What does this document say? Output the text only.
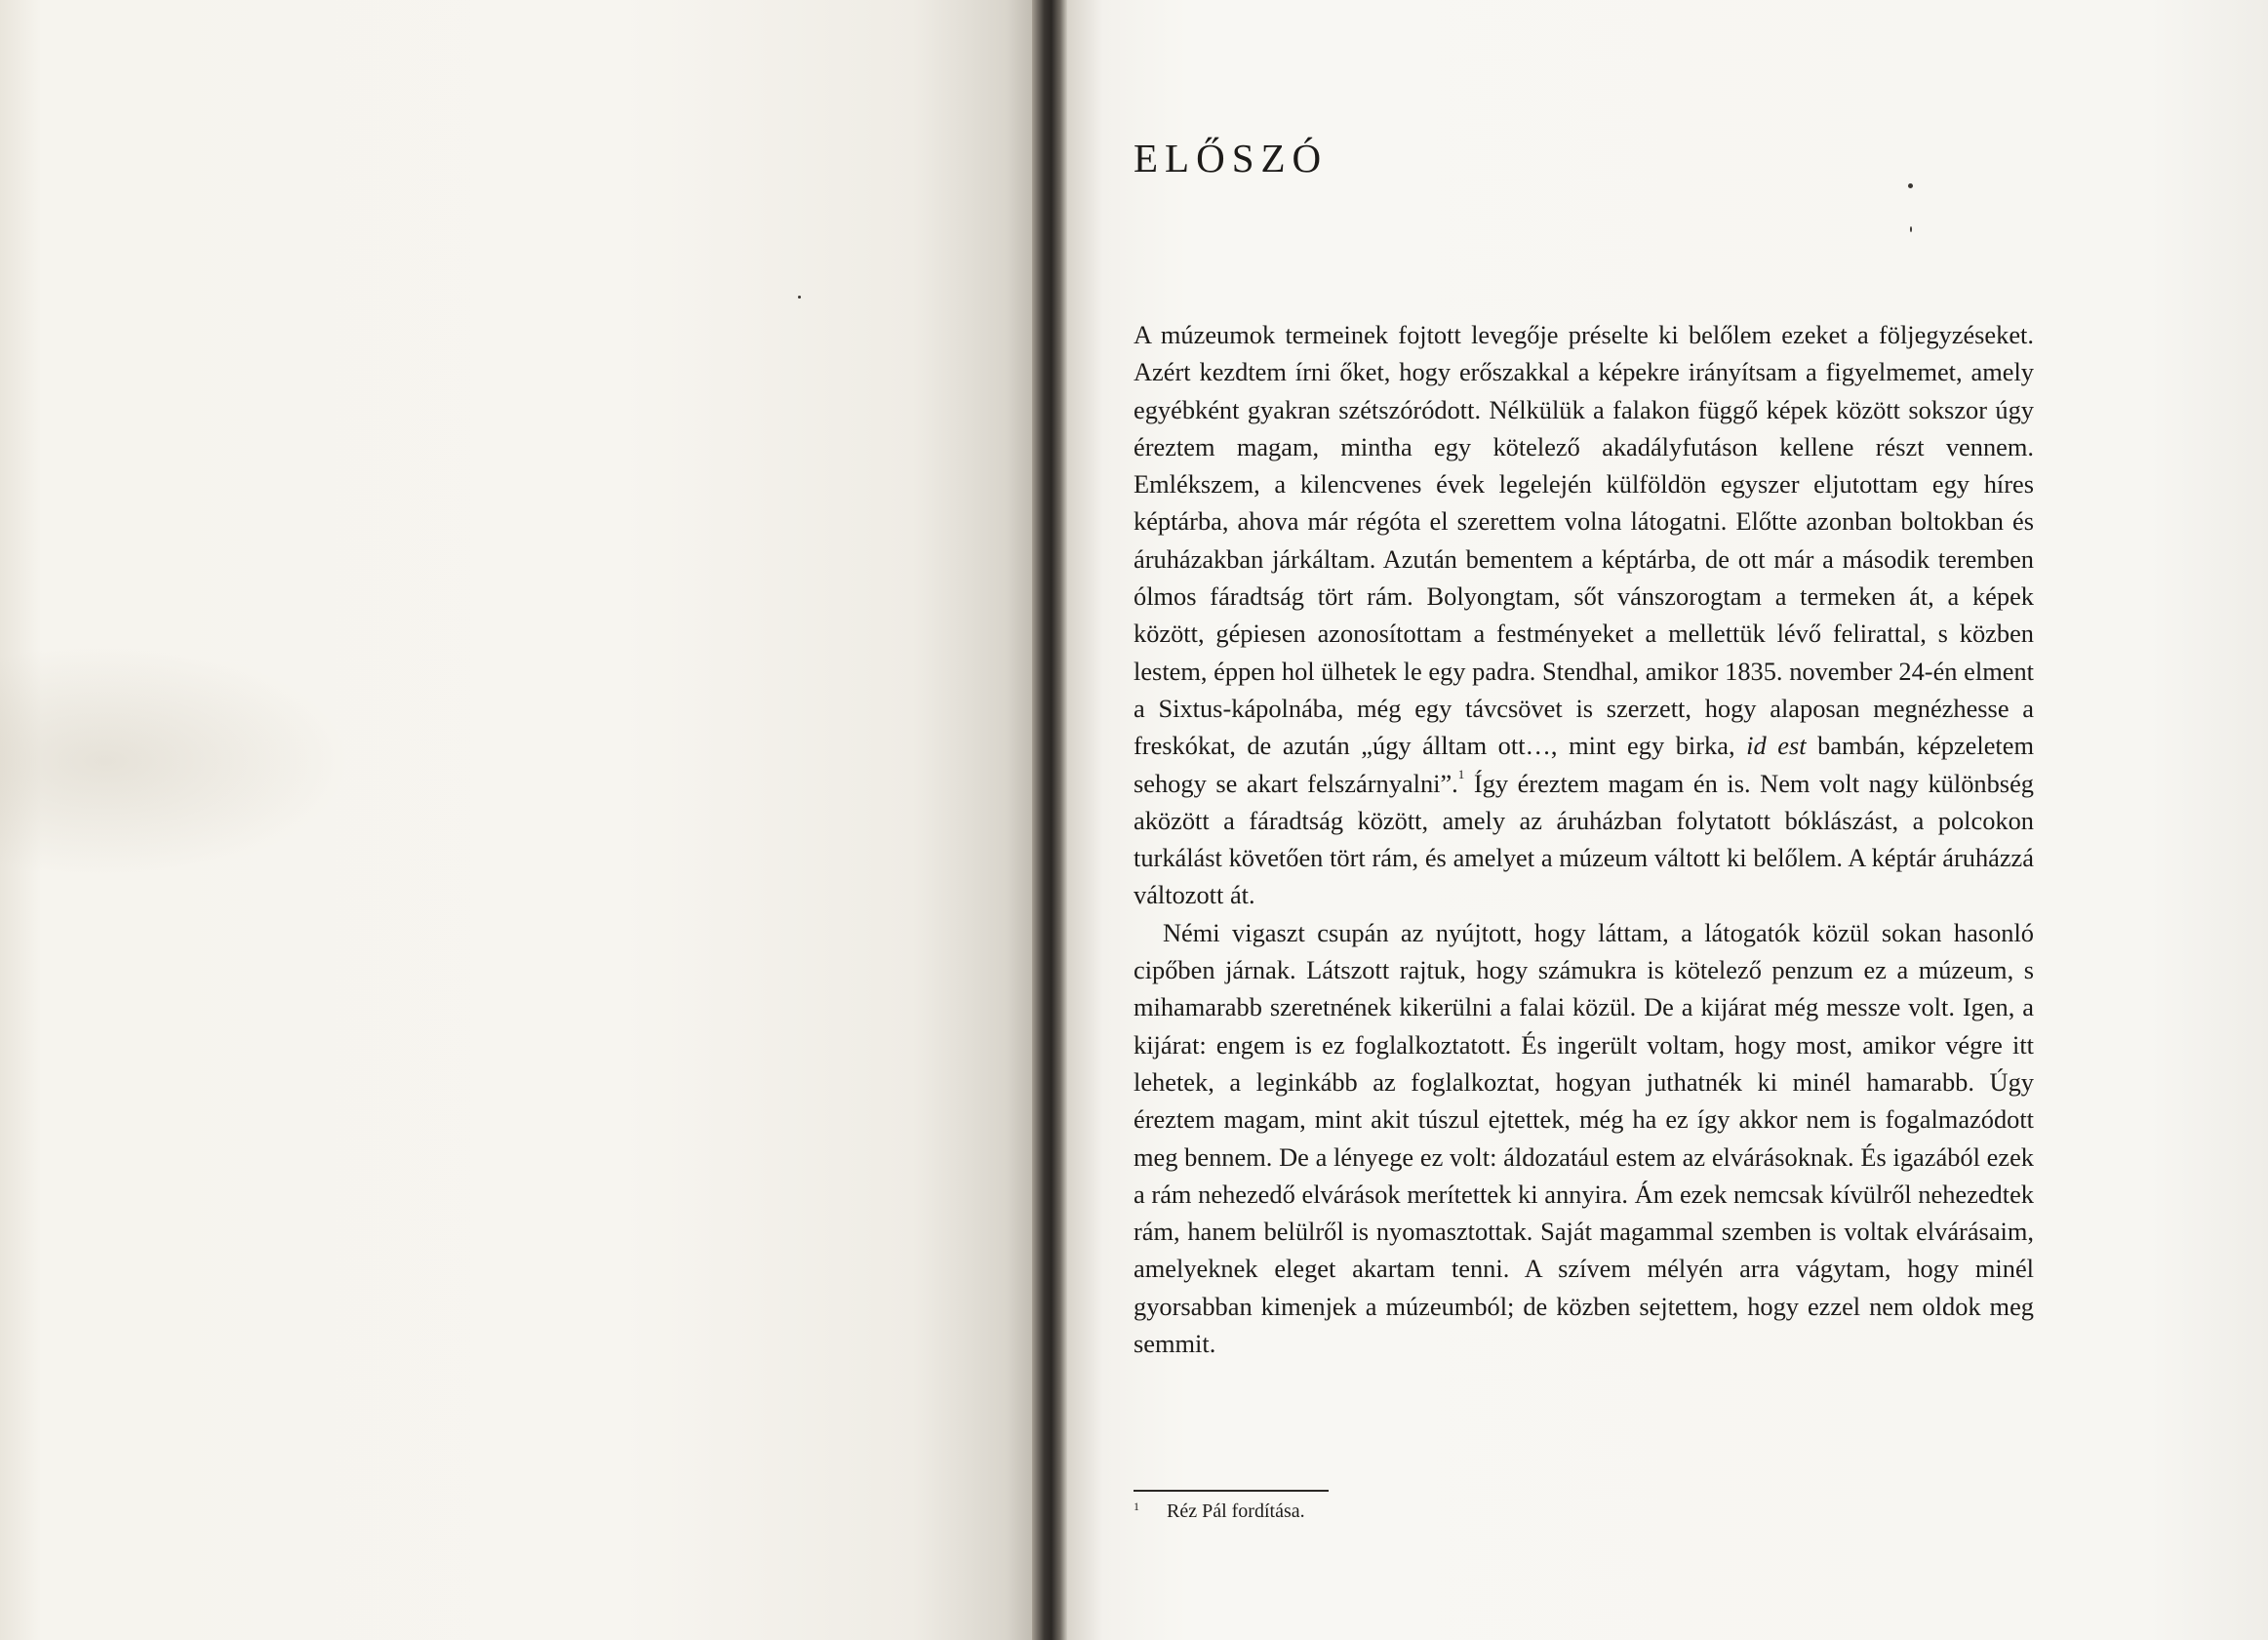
ELŐSZÓ

A múzeumok termeinek fojtott levegője préselte ki belőlem ezeket a följegyzéseket. Azért kezdtem írni őket, hogy erőszakkal a képekre irányítsam a figyelmemet, amely egyébként gyakran szétszóródott. Nélkülük a falakon függő képek között sokszor úgy éreztem magam, mintha egy kötelező akadályfutáson kellene részt vennem. Emlékszem, a kilencvenes évek legelején külföldön egyszer eljutottam egy híres képtárba, ahova már régóta el szerettem volna látogatni. Előtte azonban boltokban és áruházakban járkáltam. Azután bementem a képtárba, de ott már a második teremben ólmos fáradtság tört rám. Bolyongtam, sőt vánszorogtam a termeken át, a képek között, gépiesen azonosítottam a festményeket a mellettük lévő felirattal, s közben lestem, éppen hol ülhetek le egy padra. Stendhal, amikor 1835. november 24-én elment a Sixtus-kápolnába, még egy távcsövet is szerzett, hogy alaposan megnézhesse a freskókat, de azután „úgy álltam ott…, mint egy birka, id est bambán, képzeletem sehogy se akart felszárnyalni”.$^1$ Így éreztem magam én is. Nem volt nagy különbség aközött a fáradtság között, amely az áruházban folytatott bóklászást, a polcokon turkálást követően tört rám, és amelyet a múzeum váltott ki belőlem. A képtár áruházzá változott át.

Némi vigaszt csupán az nyújtott, hogy láttam, a látogatók közül sokan hasonló cipőben járnak. Látszott rajtuk, hogy számukra is kötelező penzum ez a múzeum, s mihamarabb szeretnének kikerülni a falai közül. De a kijárat még messze volt. Igen, a kijárat: engem is ez foglalkoztatott. És ingerült voltam, hogy most, amikor végre itt lehetek, a leginkább az foglalkoztat, hogyan juthatnék ki minél hamarabb. Úgy éreztem magam, mint akit túszul ejtettek, még ha ez így akkor nem is fogalmazódott meg bennem. De a lényege ez volt: áldozatául estem az elvárásoknak. És igazából ezek a rám nehezedő elvárások merítettek ki annyira. Ám ezek nemcsak kívülről nehezedtek rám, hanem belülről is nyomasztottak. Saját magammal szemben is voltak elvárásaim, amelyeknek eleget akartam tenni. A szívem mélyén arra vágytam, hogy minél gyorsabban kimenjek a múzeumból; de közben sejtettem, hogy ezzel nem oldok meg semmit.

1 Réz Pál fordítása.
